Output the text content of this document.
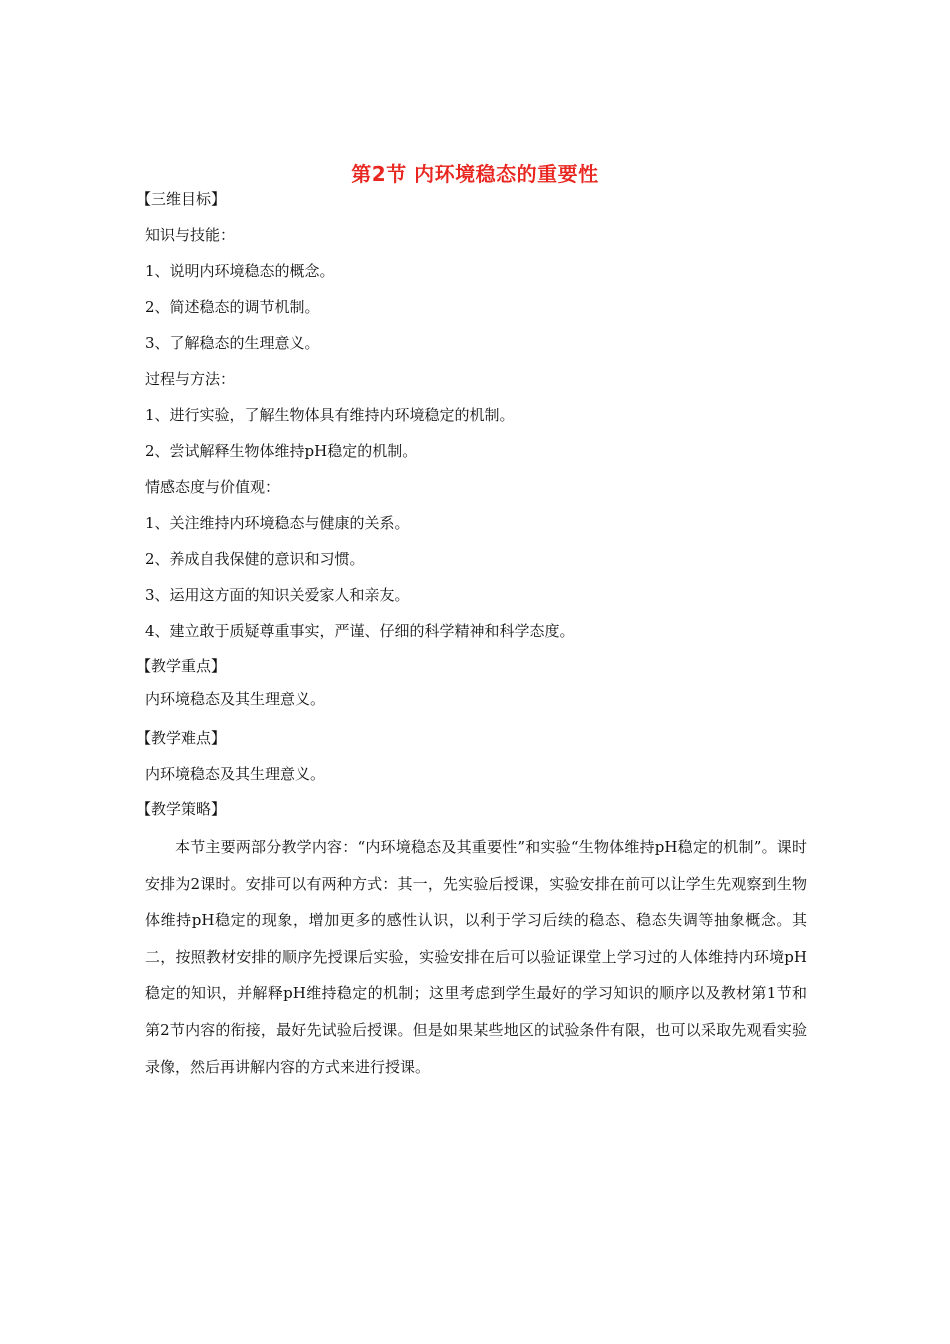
第2节 内环境稳态的重要性
【三维目标】
知识与技能：
1、说明内环境稳态的概念。
2、简述稳态的调节机制。
3、了解稳态的生理意义。
过程与方法：
1、进行实验，了解生物体具有维持内环境稳定的机制。
2、尝试解释生物体维持pH稳定的机制。
情感态度与价值观：
1、关注维持内环境稳态与健康的关系。
2、养成自我保健的意识和习惯。
3、运用这方面的知识关爱家人和亲友。
4、建立敢于质疑尊重事实，严谨、仔细的科学精神和科学态度。
【教学重点】
内环境稳态及其生理意义。
【教学难点】
内环境稳态及其生理意义。
【教学策略】
本节主要两部分教学内容：“内环境稳态及其重要性”和实验“生物体维持pH稳定的机制”。课时安排为2课时。安排可以有两种方式：其一，先实验后授课，实验安排在前可以让学生先观察到生物体维持pH稳定的现象，增加更多的感性认识，以利于学习后续的稳态、稳态失调等抽象概念。其二，按照教材安排的顺序先授课后实验，实验安排在后可以验证课堂上学习过的人体维持内环境pH稳定的知识，并解释pH维持稳定的机制；这里考虑到学生最好的学习知识的顺序以及教材第1节和第2节内容的衔接，最好先试验后授课。但是如果某些地区的试验条件有限，也可以采取先观看实验录像，然后再讲解内容的方式来进行授课。
